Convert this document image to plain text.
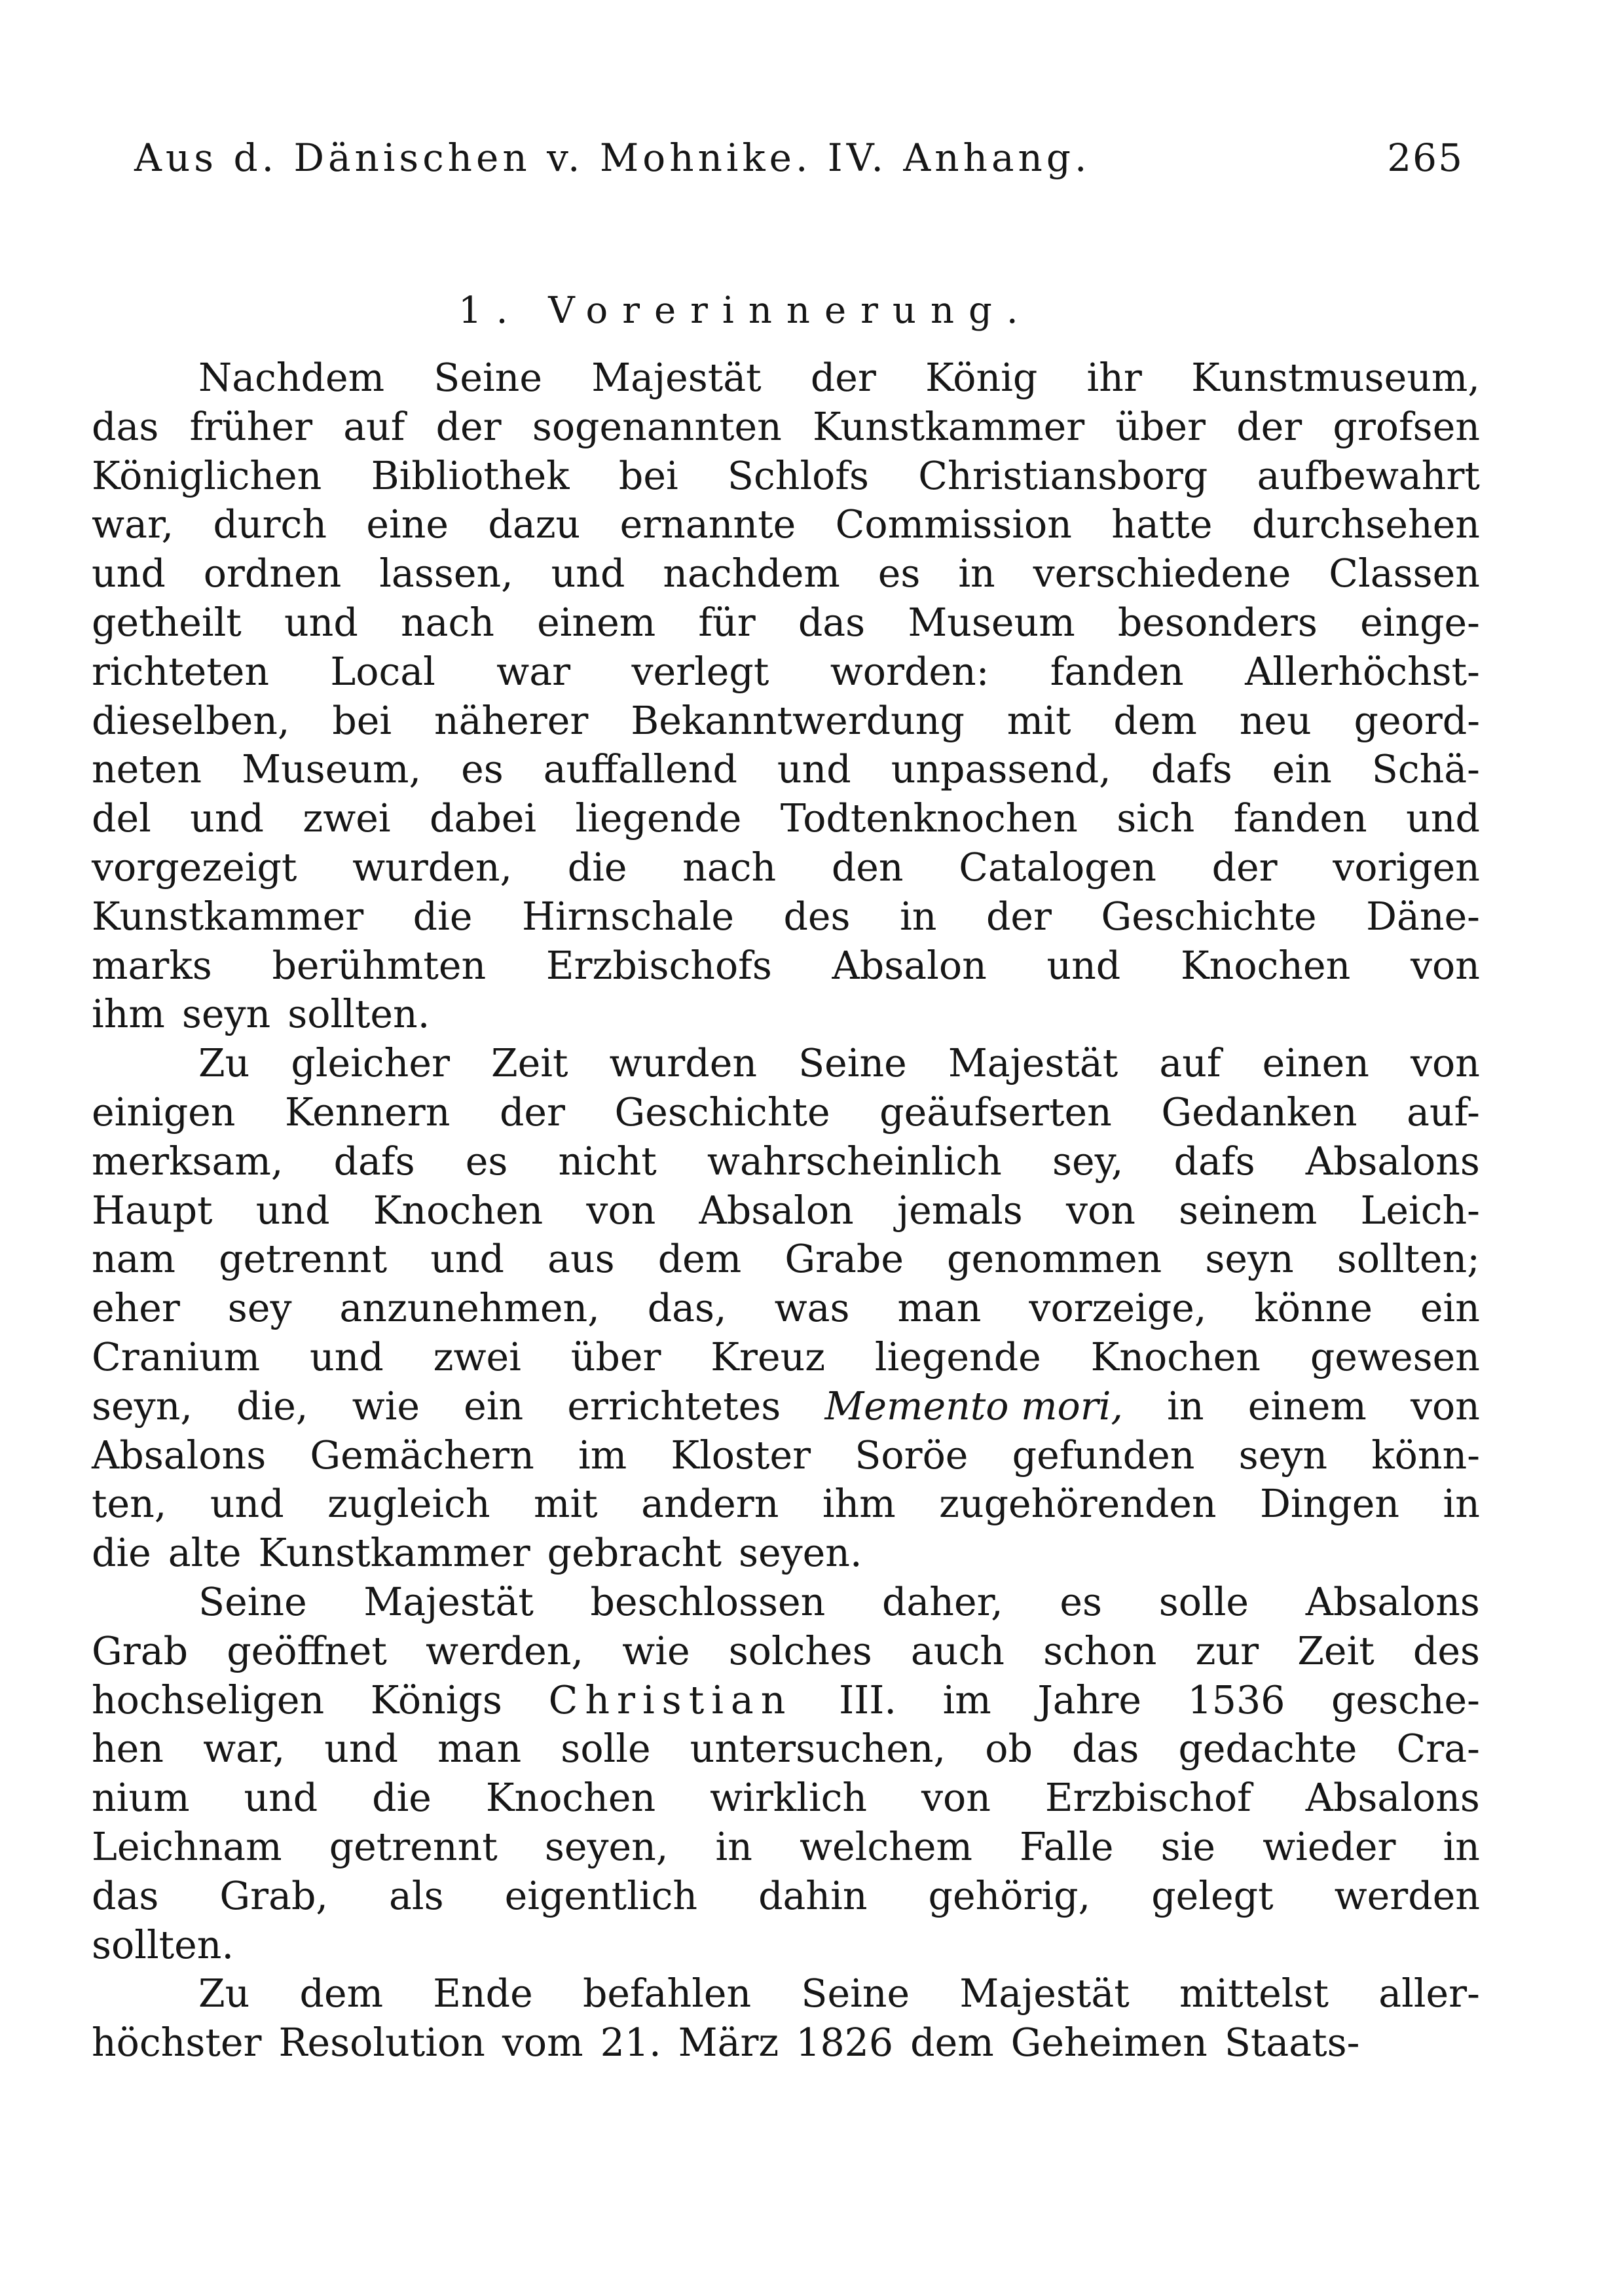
Aus d. Dänischen v. Mohnike. IV. Anhang.	265
1. Vorerinnerung.
Nachdem Seine Majestät der König ihr Kunstmuseum,
das früher auf der sogenannten Kunstkammer über der grofsen
Königlichen Bibliothek bei Schlofs Christiansborg aufbewahrt
war, durch eine dazu ernannte Commission hatte durchsehen
und ordnen lassen, und nachdem es in verschiedene Classen
getheilt und nach einem für das Museum besonders einge-
richteten Local war verlegt worden: fanden Allerhöchst-
dieselben, bei näherer Bekanntwerdung mit dem neu geord-
neten Museum, es auffallend und unpassend, dafs ein Schä-
del und zwei dabei liegende Todtenknochen sich fanden und
vorgezeigt wurden, die nach den Catalogen der vorigen
Kunstkammer die Hirnschale des in der Geschichte Däne-
marks berühmten Erzbischofs Absalon und Knochen von
ihm seyn sollten.
Zu gleicher Zeit wurden Seine Majestät auf einen von
einigen Kennern der Geschichte geäufserten Gedanken auf-
merksam, dafs es nicht wahrscheinlich sey, dafs Absalons
Haupt und Knochen von Absalon jemals von seinem Leich-
nam getrennt und aus dem Grabe genommen seyn sollten;
eher sey anzunehmen, das, was man vorzeige, könne ein
Cranium und zwei über Kreuz liegende Knochen gewesen
seyn, die, wie ein errichtetes Memento mori, in einem von
Absalons Gemächern im Kloster Soröe gefunden seyn könn-
ten, und zugleich mit andern ihm zugehörenden Dingen in
die alte Kunstkammer gebracht seyen.
Seine Majestät beschlossen daher, es solle Absalons
Grab geöffnet werden, wie solches auch schon zur Zeit des
hochseligen Königs Christian III. im Jahre 1536 gesche-
hen war, und man solle untersuchen, ob das gedachte Cra-
nium und die Knochen wirklich von Erzbischof Absalons
Leichnam getrennt seyen, in welchem Falle sie wieder in
das Grab, als eigentlich dahin gehörig, gelegt werden
sollten.
Zu dem Ende befahlen Seine Majestät mittelst aller-
höchster Resolution vom 21. März 1826 dem Geheimen Staats-
